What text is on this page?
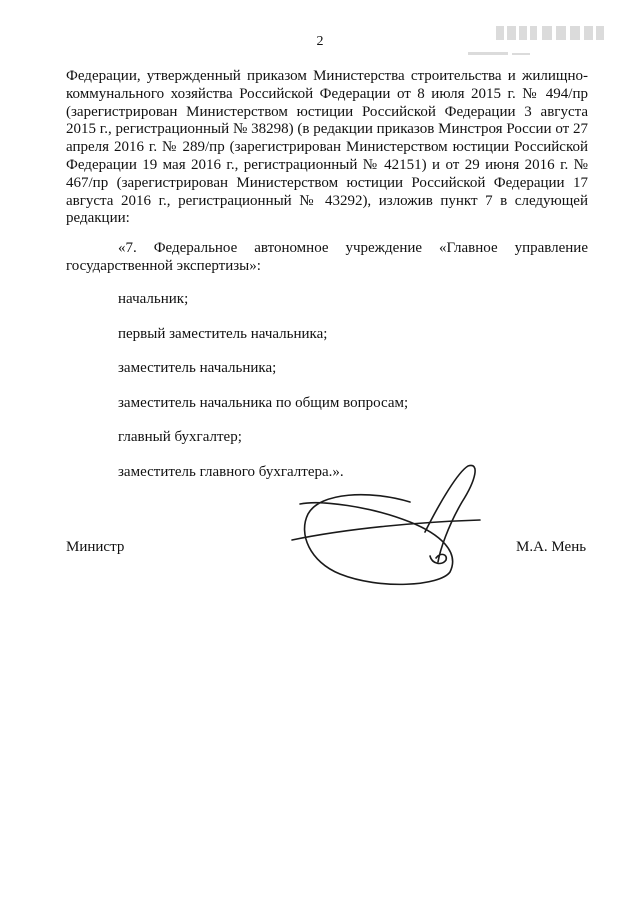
2
Федерации, утвержденный приказом Министерства строительства и жилищно-коммунального хозяйства Российской Федерации от 8 июля 2015 г. № 494/пр (зарегистрирован Министерством юстиции Российской Федерации 3 августа 2015 г., регистрационный № 38298) (в редакции приказов Минстроя России от 27 апреля 2016 г. № 289/пр (зарегистрирован Министерством юстиции Российской Федерации 19 мая 2016 г., регистрационный № 42151) и от 29 июня 2016 г. № 467/пр (зарегистрирован Министерством юстиции Российской Федерации 17 августа 2016 г., регистрационный № 43292), изложив пункт 7 в следующей редакции:
«7. Федеральное автономное учреждение «Главное управление государственной экспертизы»:
начальник;
первый заместитель начальника;
заместитель начальника;
заместитель начальника по общим вопросам;
главный бухгалтер;
заместитель главного бухгалтера.».
Министр	М.А. Мень
